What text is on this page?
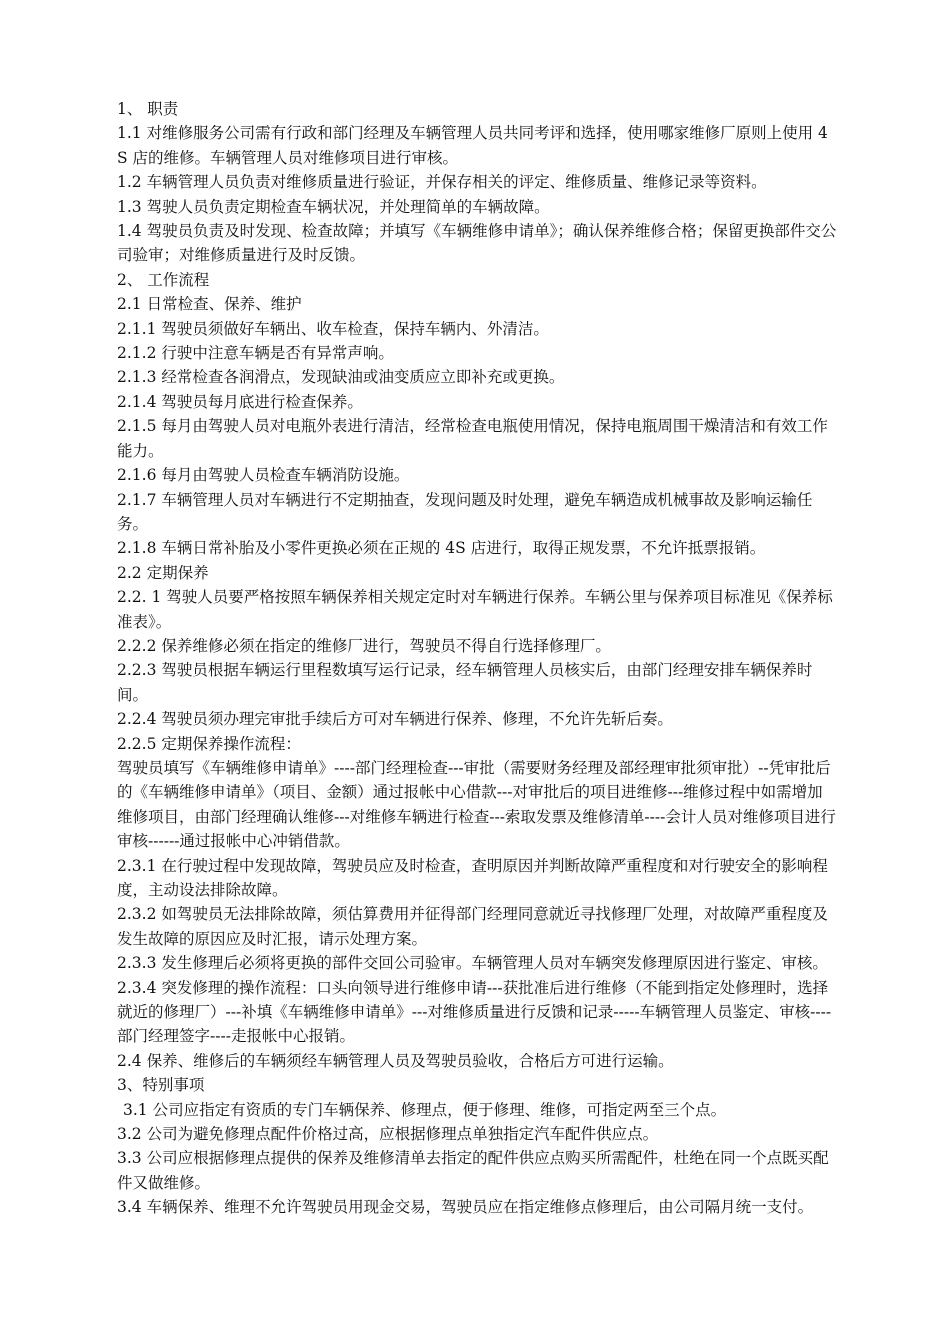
1、 职责

1.1 对维修服务公司需有行政和部门经理及车辆管理人员共同考评和选择，使用哪家维修厂原则上使用 4S 店的维修。车辆管理人员对维修项目进行审核。

1.2 车辆管理人员负责对维修质量进行验证，并保存相关的评定、维修质量、维修记录等资料。

1.3 驾驶人员负责定期检查车辆状况，并处理简单的车辆故障。

1.4 驾驶员负责及时发现、检查故障；并填写《车辆维修申请单》；确认保养维修合格；保留更换部件交公司验审；对维修质量进行及时反馈。

2、 工作流程

2.1 日常检查、保养、维护

2.1.1 驾驶员须做好车辆出、收车检查，保持车辆内、外清洁。

2.1.2 行驶中注意车辆是否有异常声响。

2.1.3 经常检查各润滑点，发现缺油或油变质应立即补充或更换。

2.1.4 驾驶员每月底进行检查保养。

2.1.5 每月由驾驶人员对电瓶外表进行清洁，经常检查电瓶使用情况，保持电瓶周围干燥清洁和有效工作能力。

2.1.6 每月由驾驶人员检查车辆消防设施。

2.1.7 车辆管理人员对车辆进行不定期抽查，发现问题及时处理，避免车辆造成机械事故及影响运输任务。

2.1.8 车辆日常补胎及小零件更换必须在正规的 4S 店进行，取得正规发票，不允许抵票报销。

2.2 定期保养

2.2. 1 驾驶人员要严格按照车辆保养相关规定定时对车辆进行保养。车辆公里与保养项目标准见《保养标准表》。

2.2.2 保养维修必须在指定的维修厂进行，驾驶员不得自行选择修理厂。

2.2.3 驾驶员根据车辆运行里程数填写运行记录，经车辆管理人员核实后，由部门经理安排车辆保养时间。

2.2.4 驾驶员须办理完审批手续后方可对车辆进行保养、修理，不允许先斩后奏。

2.2.5 定期保养操作流程：

驾驶员填写《车辆维修申请单》----部门经理检查---审批（需要财务经理及部经理审批须审批）--凭审批后的《车辆维修申请单》（项目、金额）通过报帐中心借款---对审批后的项目进维修---维修过程中如需增加维修项目，由部门经理确认维修---对维修车辆进行检查---索取发票及维修清单----会计人员对维修项目进行审核------通过报帐中心冲销借款。

2.3.1 在行驶过程中发现故障，驾驶员应及时检查，查明原因并判断故障严重程度和对行驶安全的影响程度，主动设法排除故障。

2.3.2 如驾驶员无法排除故障，须估算费用并征得部门经理同意就近寻找修理厂处理，对故障严重程度及发生故障的原因应及时汇报，请示处理方案。

2.3.3 发生修理后必须将更换的部件交回公司验审。车辆管理人员对车辆突发修理原因进行鉴定、审核。

2.3.4 突发修理的操作流程：口头向领导进行维修申请---获批准后进行维修（不能到指定处修理时，选择就近的修理厂）---补填《车辆维修申请单》---对维修质量进行反馈和记录-----车辆管理人员鉴定、审核----部门经理签字----走报帐中心报销。

2.4 保养、维修后的车辆须经车辆管理人员及驾驶员验收，合格后方可进行运输。

3、特别事项

3.1 公司应指定有资质的专门车辆保养、修理点，便于修理、维修，可指定两至三个点。

3.2 公司为避免修理点配件价格过高，应根据修理点单独指定汽车配件供应点。

3.3 公司应根据修理点提供的保养及维修清单去指定的配件供应点购买所需配件，杜绝在同一个点既买配件又做维修。

3.4 车辆保养、维理不允许驾驶员用现金交易，驾驶员应在指定维修点修理后，由公司隔月统一支付。
